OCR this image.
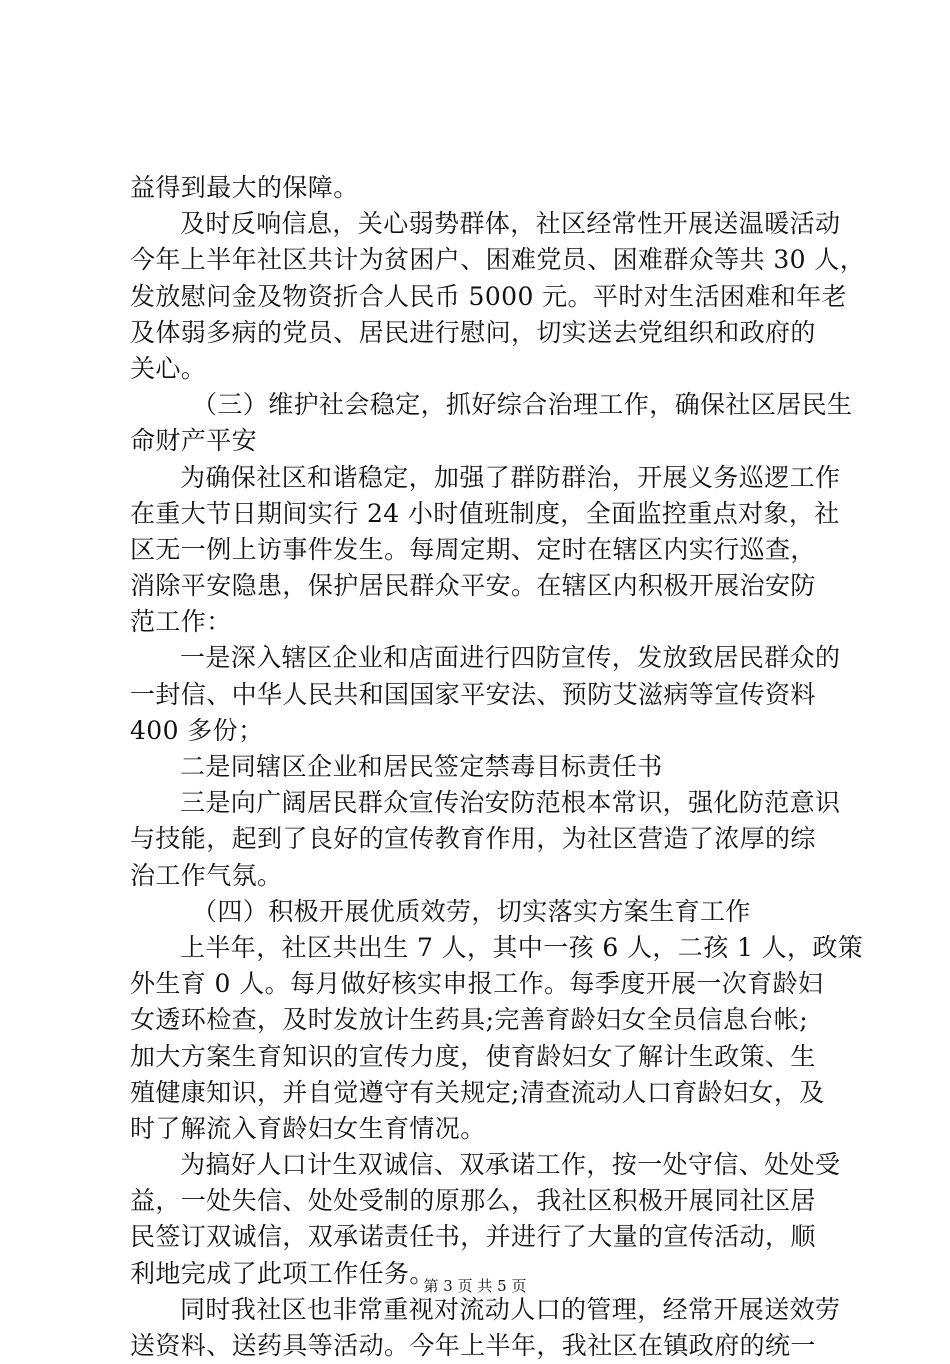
益得到最大的保障。
及时反响信息，关心弱势群体，社区经常性开展送温暖活动
今年上半年社区共计为贫困户、困难党员、困难群众等共 30 人，
发放慰问金及物资折合人民币 5000 元。平时对生活困难和年老
及体弱多病的党员、居民进行慰问，切实送去党组织和政府的
关心。
（三）维护社会稳定，抓好综合治理工作，确保社区居民生
命财产平安
为确保社区和谐稳定，加强了群防群治，开展义务巡逻工作
在重大节日期间实行 24 小时值班制度，全面监控重点对象，社
区无一例上访事件发生。每周定期、定时在辖区内实行巡查，
消除平安隐患，保护居民群众平安。在辖区内积极开展治安防
范工作：
一是深入辖区企业和店面进行四防宣传，发放致居民群众的
一封信、中华人民共和国国家平安法、预防艾滋病等宣传资料
400 多份；
二是同辖区企业和居民签定禁毒目标责任书
三是向广阔居民群众宣传治安防范根本常识，强化防范意识
与技能，起到了良好的宣传教育作用，为社区营造了浓厚的综
治工作气氛。
（四）积极开展优质效劳，切实落实方案生育工作
上半年，社区共出生 7 人，其中一孩 6 人，二孩 1 人，政策
外生育 0 人。每月做好核实申报工作。每季度开展一次育龄妇
女透环检查，及时发放计生药具;完善育龄妇女全员信息台帐;
加大方案生育知识的宣传力度，使育龄妇女了解计生政策、生
殖健康知识，并自觉遵守有关规定;清查流动人口育龄妇女，及
时了解流入育龄妇女生育情况。
为搞好人口计生双诚信、双承诺工作，按一处守信、处处受
益，一处失信、处处受制的原那么，我社区积极开展同社区居
民签订双诚信，双承诺责任书，并进行了大量的宣传活动，顺
利地完成了此项工作任务。
同时我社区也非常重视对流动人口的管理，经常开展送效劳
送资料、送药具等活动。今年上半年，我社区在镇政府的统一
第 3 页 共 5 页
